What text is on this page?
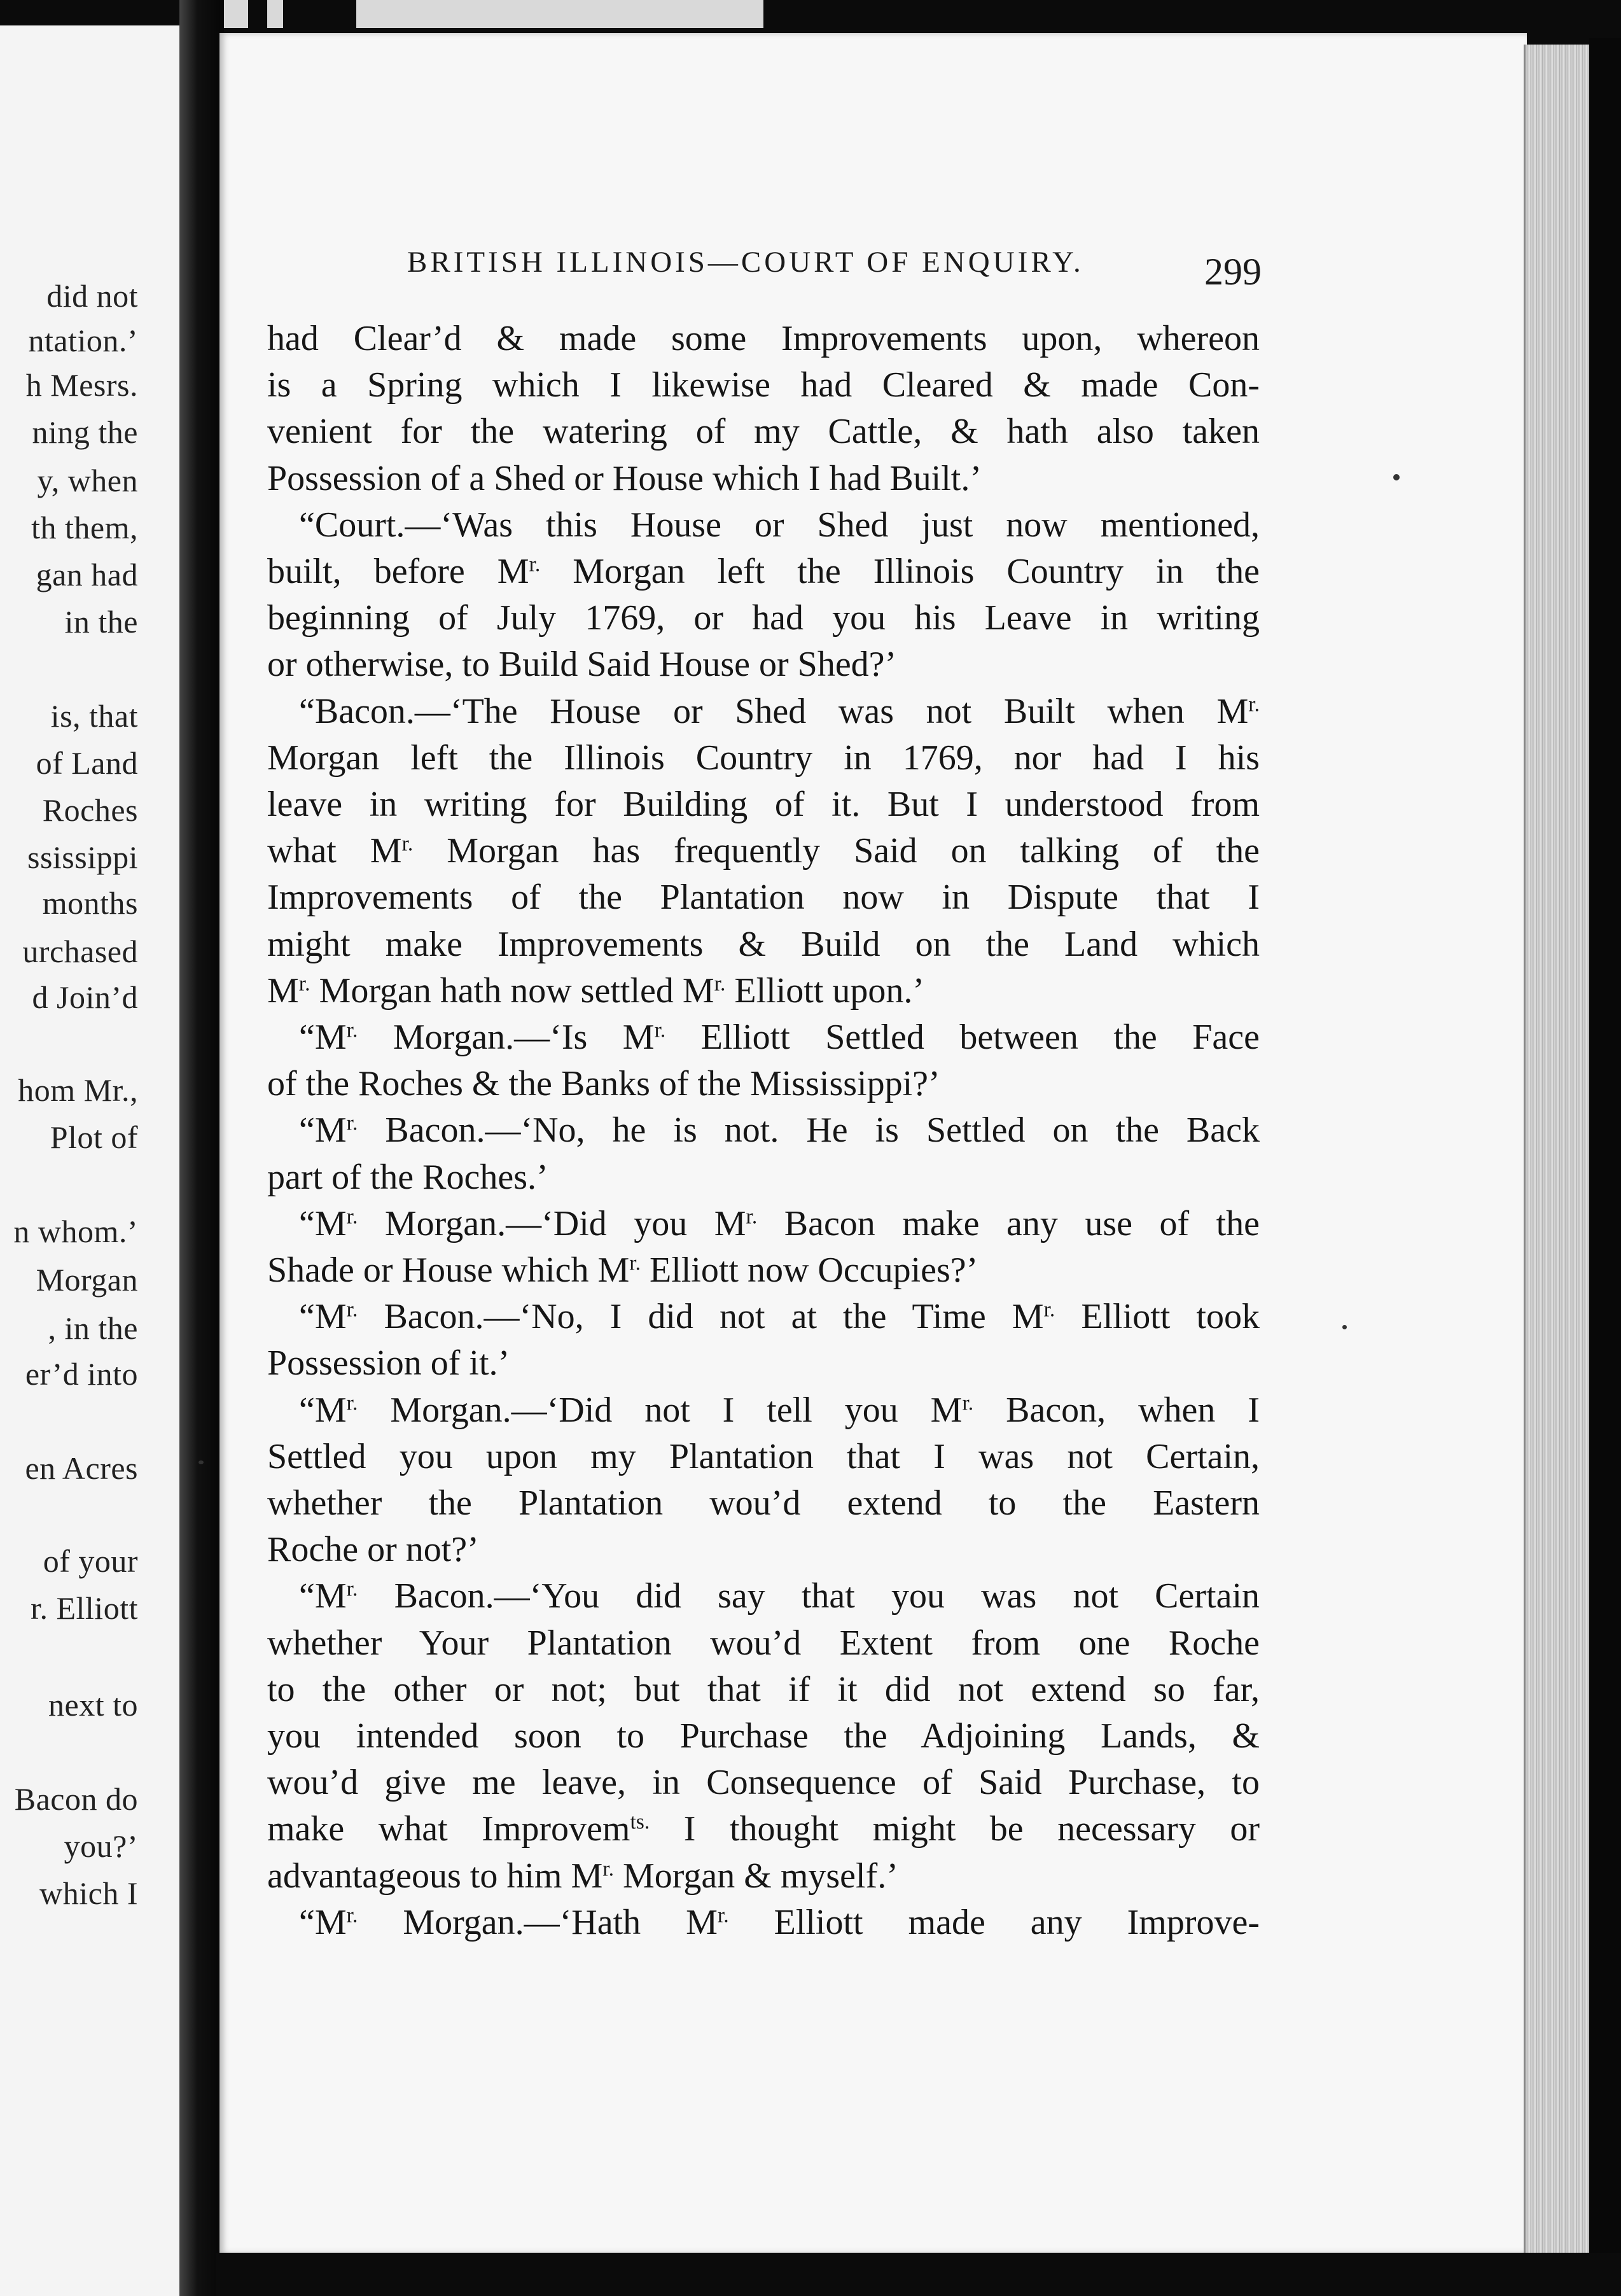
did not
ntation.’
h Mesrs.
ning the
y, when
th them,
gan had
in the
is, that
of Land
Roches
ssissippi
months
urchased
d Join’d
hom Mr.,
Plot of
n whom.’
Morgan
, in the
er’d into
en Acres
of your
r. Elliott
next to
Bacon do
you?’
which I
BRITISH ILLINOIS—COURT OF ENQUIRY.	299
had Clear’d & made some Improvements upon, whereon
is a Spring which I likewise had Cleared & made Con-
venient for the watering of my Cattle, & hath also taken
Possession of a Shed or House which I had Built.’
“Court.—‘Was this House or Shed just now mentioned,
built, before $M^{r.}$ Morgan left the Illinois Country in the
beginning of July 1769, or had you his Leave in writing
or otherwise, to Build Said House or Shed?’
“Bacon.—‘The House or Shed was not Built when $M^{r.}$
Morgan left the Illinois Country in 1769, nor had I his
leave in writing for Building of it. But I understood from
what $M^{r.}$ Morgan has frequently Said on talking of the
Improvements of the Plantation now in Dispute that I
might make Improvements & Build on the Land which
$M^{r.}$ Morgan hath now settled $M^{r.}$ Elliott upon.’
“$M^{r.}$ Morgan.—‘Is $M^{r.}$ Elliott Settled between the Face
of the Roches & the Banks of the Mississippi?’
“$M^{r.}$ Bacon.—‘No, he is not. He is Settled on the Back
part of the Roches.’
“$M^{r.}$ Morgan.—‘Did you $M^{r.}$ Bacon make any use of the
Shade or House which $M^{r.}$ Elliott now Occupies?’
“$M^{r.}$ Bacon.—‘No, I did not at the Time $M^{r.}$ Elliott took
Possession of it.’
“$M^{r.}$ Morgan.—‘Did not I tell you $M^{r.}$ Bacon, when I
Settled you upon my Plantation that I was not Certain,
whether the Plantation wou’d extend to the Eastern
Roche or not?’
“$M^{r.}$ Bacon.—‘You did say that you was not Certain
whether Your Plantation wou’d Extent from one Roche
to the other or not; but that if it did not extend so far,
you intended soon to Purchase the Adjoining Lands, &
wou’d give me leave, in Consequence of Said Purchase, to
make what Improvem$^{ts.}$ I thought might be necessary or
advantageous to him $M^{r.}$ Morgan & myself.’
“$M^{r.}$ Morgan.—‘Hath $M^{r.}$ Elliott made any Improve-
